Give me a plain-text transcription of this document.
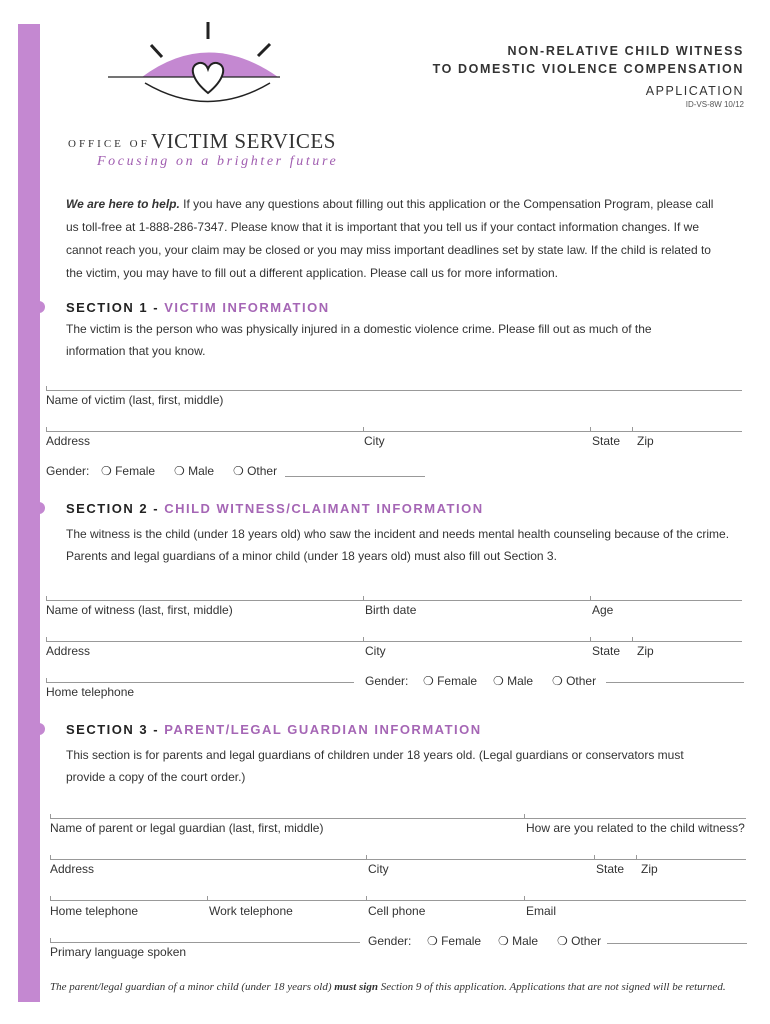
NON-RELATIVE CHILD WITNESS
TO DOMESTIC VIOLENCE COMPENSATION
APPLICATION
ID-VS-8W 10/12
OFFICE OF VICTIM SERVICES
Focusing on a brighter future
We are here to help. If you have any questions about filling out this application or the Compensation Program, please call us toll-free at 1-888-286-7347. Please know that it is important that you tell us if your contact information changes. If we cannot reach you, your claim may be closed or you may miss important deadlines set by state law. If the child is related to the victim, you may have to fill out a different application. Please call us for more information.
SECTION 1 - VICTIM INFORMATION
The victim is the person who was physically injured in a domestic violence crime. Please fill out as much of the information that you know.
Name of victim (last, first, middle)
Address	City	State Zip
Gender: ❍ Female ❍ Male ❍ Other
SECTION 2 - CHILD WITNESS/CLAIMANT INFORMATION
The witness is the child (under 18 years old) who saw the incident and needs mental health counseling because of the crime. Parents and legal guardians of a minor child (under 18 years old) must also fill out Section 3.
Name of witness (last, first, middle)	Birth date	Age
Address	City	State Zip
Home telephone
Gender: ❍ Female ❍ Male ❍ Other
SECTION 3 - PARENT/LEGAL GUARDIAN INFORMATION
This section is for parents and legal guardians of children under 18 years old. (Legal guardians or conservators must provide a copy of the court order.)
Name of parent or legal guardian (last, first, middle)	How are you related to the child witness?
Address	City	State Zip
Home telephone	Work telephone	Cell phone	Email
Primary language spoken
Gender: ❍ Female ❍ Male ❍ Other
The parent/legal guardian of a minor child (under 18 years old) must sign Section 9 of this application. Applications that are not signed will be returned.
